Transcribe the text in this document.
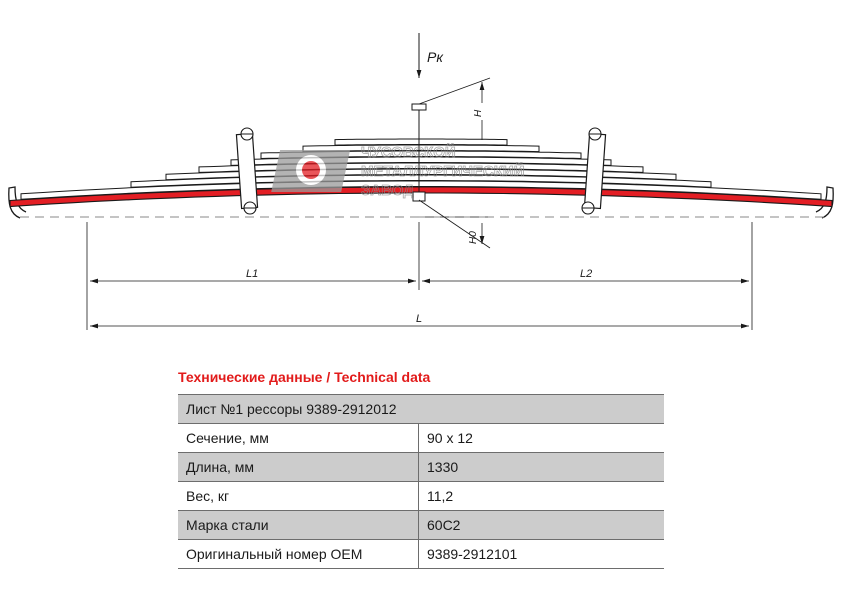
ЧУСОВСКОЙ
МЕТАЛЛУРГИЧЕСКИЙ
ЗАВОД
Pк
H
H0
L1	L2
L
Технические данные / Technical data
Лист №1 рессоры 9389-2912012	
Сечение, мм	90 x 12
Длина, мм	1330
Вес, кг	11,2
Марка стали	60С2
Оригинальный номер OEM	9389-2912101
